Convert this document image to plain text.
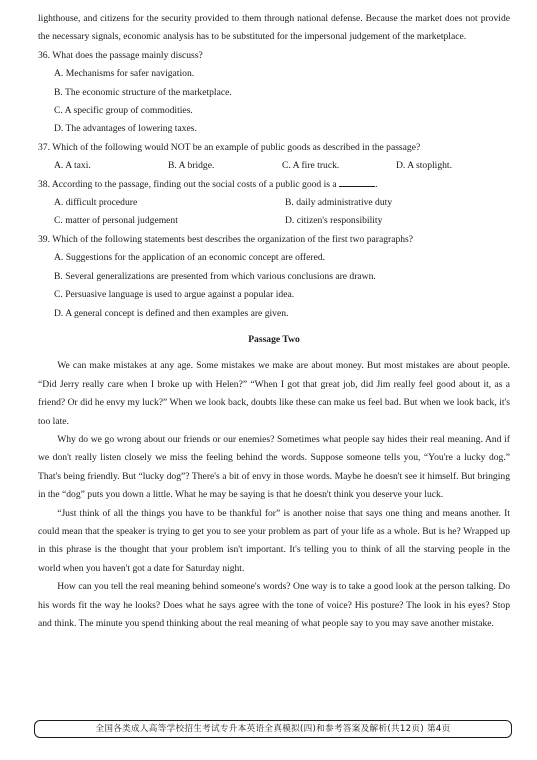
lighthouse, and citizens for the security provided to them through national defense. Because the market does not provide the necessary signals, economic analysis has to be substituted for the impersonal judgement of the marketplace.

36. What does the passage mainly discuss?

A. Mechanisms for safer navigation.

B. The economic structure of the marketplace.

C. A specific group of commodities.

D. The advantages of lowering taxes.

37. Which of the following would NOT be an example of public goods as described in the passage?

A. A taxi.	B. A bridge.	C. A fire truck.	D. A stoplight.

38. According to the passage, finding out the social costs of a public good is a	.

A. difficult procedure	B. daily administrative duty
C. matter of personal judgement	D. citizen's responsibility

39. Which of the following statements best describes the organization of the first two paragraphs?

A. Suggestions for the application of an economic concept are offered.

B. Several generalizations are presented from which various conclusions are drawn.

C. Persuasive language is used to argue against a popular idea.

D. A general concept is defined and then examples are given.

Passage Two

We can make mistakes at any age. Some mistakes we make are about money. But most mistakes are about people. “Did Jerry really care when I broke up with Helen?” “When I got that great job, did Jim really feel good about it, as a friend? Or did he envy my luck?” When we look back, doubts like these can make us feel bad. But when we look back, it's too late.

Why do we go wrong about our friends or our enemies? Sometimes what people say hides their real meaning. And if we don't really listen closely we miss the feeling behind the words. Suppose someone tells you, “You're a lucky dog.” That's being friendly. But “lucky dog”? There's a bit of envy in those words. Maybe he doesn't see it himself. But bringing in the “dog” puts you down a little. What he may be saying is that he doesn't think you deserve your luck.

“Just think of all the things you have to be thankful for” is another noise that says one thing and means another. It could mean that the speaker is trying to get you to see your problem as part of your life as a whole. But is he? Wrapped up in this phrase is the thought that your problem isn't important. It's telling you to think of all the starving people in the world when you haven't got a date for Saturday night.

How can you tell the real meaning behind someone's words? One way is to take a good look at the person talking. Do his words fit the way he looks? Does what he says agree with the tone of voice? His posture? The look in his eyes? Stop and think. The minute you spend thinking about the real meaning of what people say to you may save another mistake.

全国各类成人高等学校招生考试专升本英语全真模拟(四)和参考答案及解析(共12页) 第4页
